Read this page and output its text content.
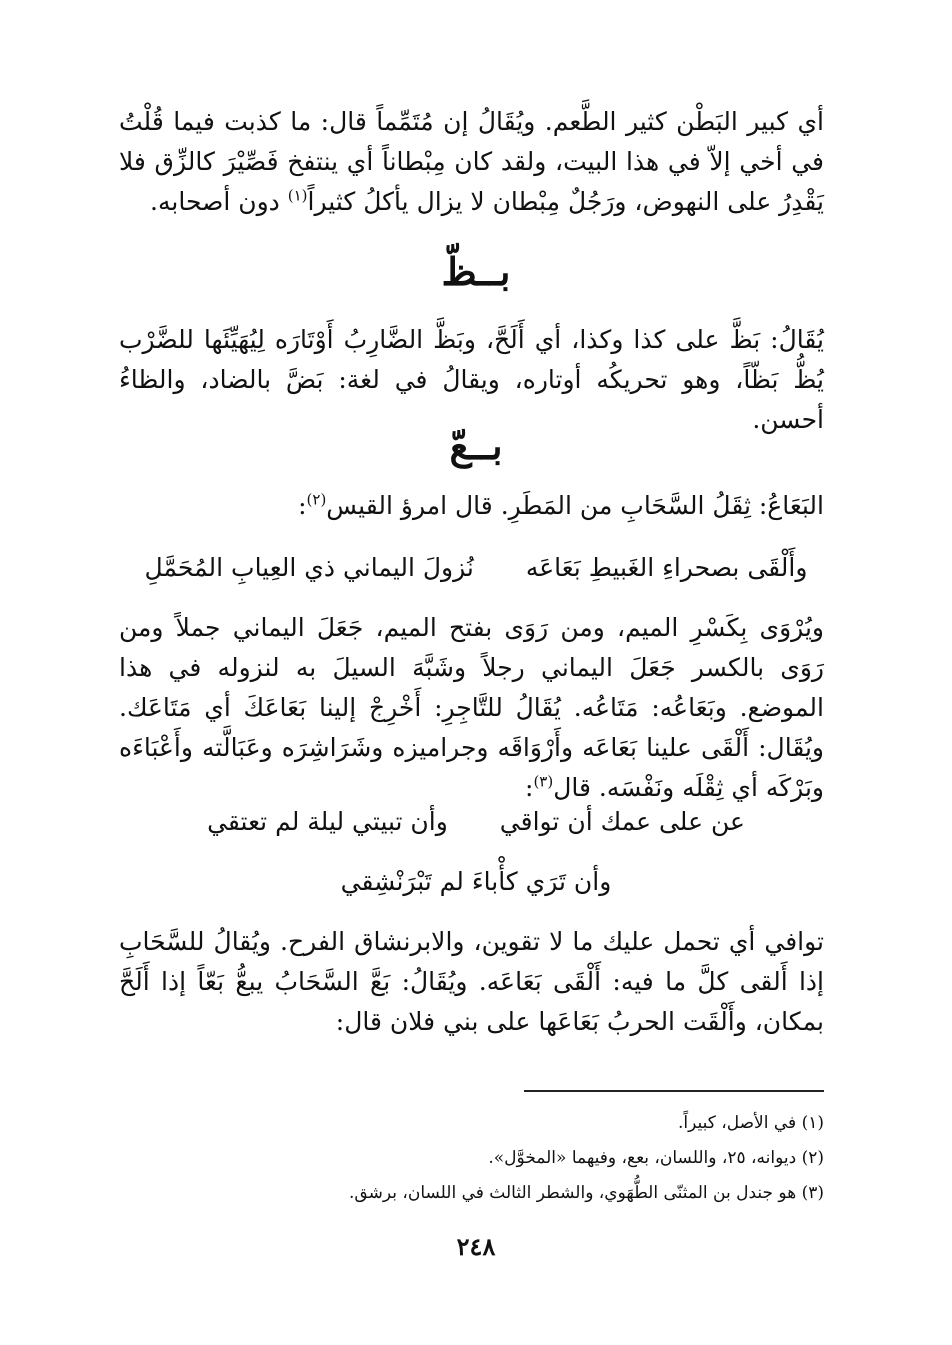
أي كبير البَطْن كثير الطَّعم. ويُقَالُ إن مُتَمِّماً قال: ما كذبت فيما قُلْتُ في أخي إلاّ في هذا البيت، ولقد كان مِبْطاناً أي ينتفخ فَصِّيْرَ كالزِّق فلا يَقْدِرُ على النهوض، ورَجُلٌ مِبْطان لا يزال يأكلُ كثيراً$^{(١)}$ دون أصحابه.

بــظّ

يُقَالُ: بَظَّ على كذا وكذا، أي أَلَحَّ، وبَظَّ الضَّارِبُ أَوْتَارَه لِيُهَيِّئَها للضَّرْب يُظُّ بَظّاً، وهو تحريكُه أوتاره، ويقالُ في لغة: بَضَّ بالضاد، والظاءُ أحسن.

بــعّ

البَعَاعُ: ثِقَلُ السَّحَابِ من المَطَرِ. قال امرؤ القيس$^{(٢)}$:

وأَلْقَى بصحراءِ الغَبيطِ بَعَاعَه نُزولَ اليماني ذي العِيابِ المُحَمَّلِ

ويُرْوَى بِكَسْرِ الميم، ومن رَوَى بفتح الميم، جَعَلَ اليماني جملاً ومن رَوَى بالكسر جَعَلَ اليماني رجلاً وشَبَّهَ السيلَ به لنزوله في هذا الموضع. وبَعَاعُه: مَتَاعُه. يُقَالُ للتَّاجِرِ: أَخْرِجْ إلينا بَعَاعَكَ أي مَتَاعَك. ويُقَال: أَلْقَى علينا بَعَاعَه وأَرْوَاقَه وجراميزه وشَرَاشِرَه وعَبَالَّته وأَعْبَاءَه وبَرْكَه أي ثِقْلَه ونَفْسَه. قال$^{(٣)}$:

عن على عمك أن تواقي وأن تبيتي ليلة لم تعتقي
وأن تَرَي كأْباءَ لم تَبْرَنْشِقي

توافي أي تحمل عليك ما لا تقوين، والابرنشاق الفرح. ويُقالُ للسَّحَابِ إذا أَلقى كلَّ ما فيه: أَلْقَى بَعَاعَه. ويُقَالُ: بَعَّ السَّحَابُ يبعُّ بَعّاً إذا أَلَحَّ بمكان، وأَلْقَت الحربُ بَعَاعَها على بني فلان قال:

(١) في الأصل، كبيراً.
(٢) ديوانه، ٢٥، واللسان، بعع، وفيهما «المخوَّل».
(٣) هو جندل بن المثنّى الطُّهَوي، والشطر الثالث في اللسان، برشق.
٢٤٨
